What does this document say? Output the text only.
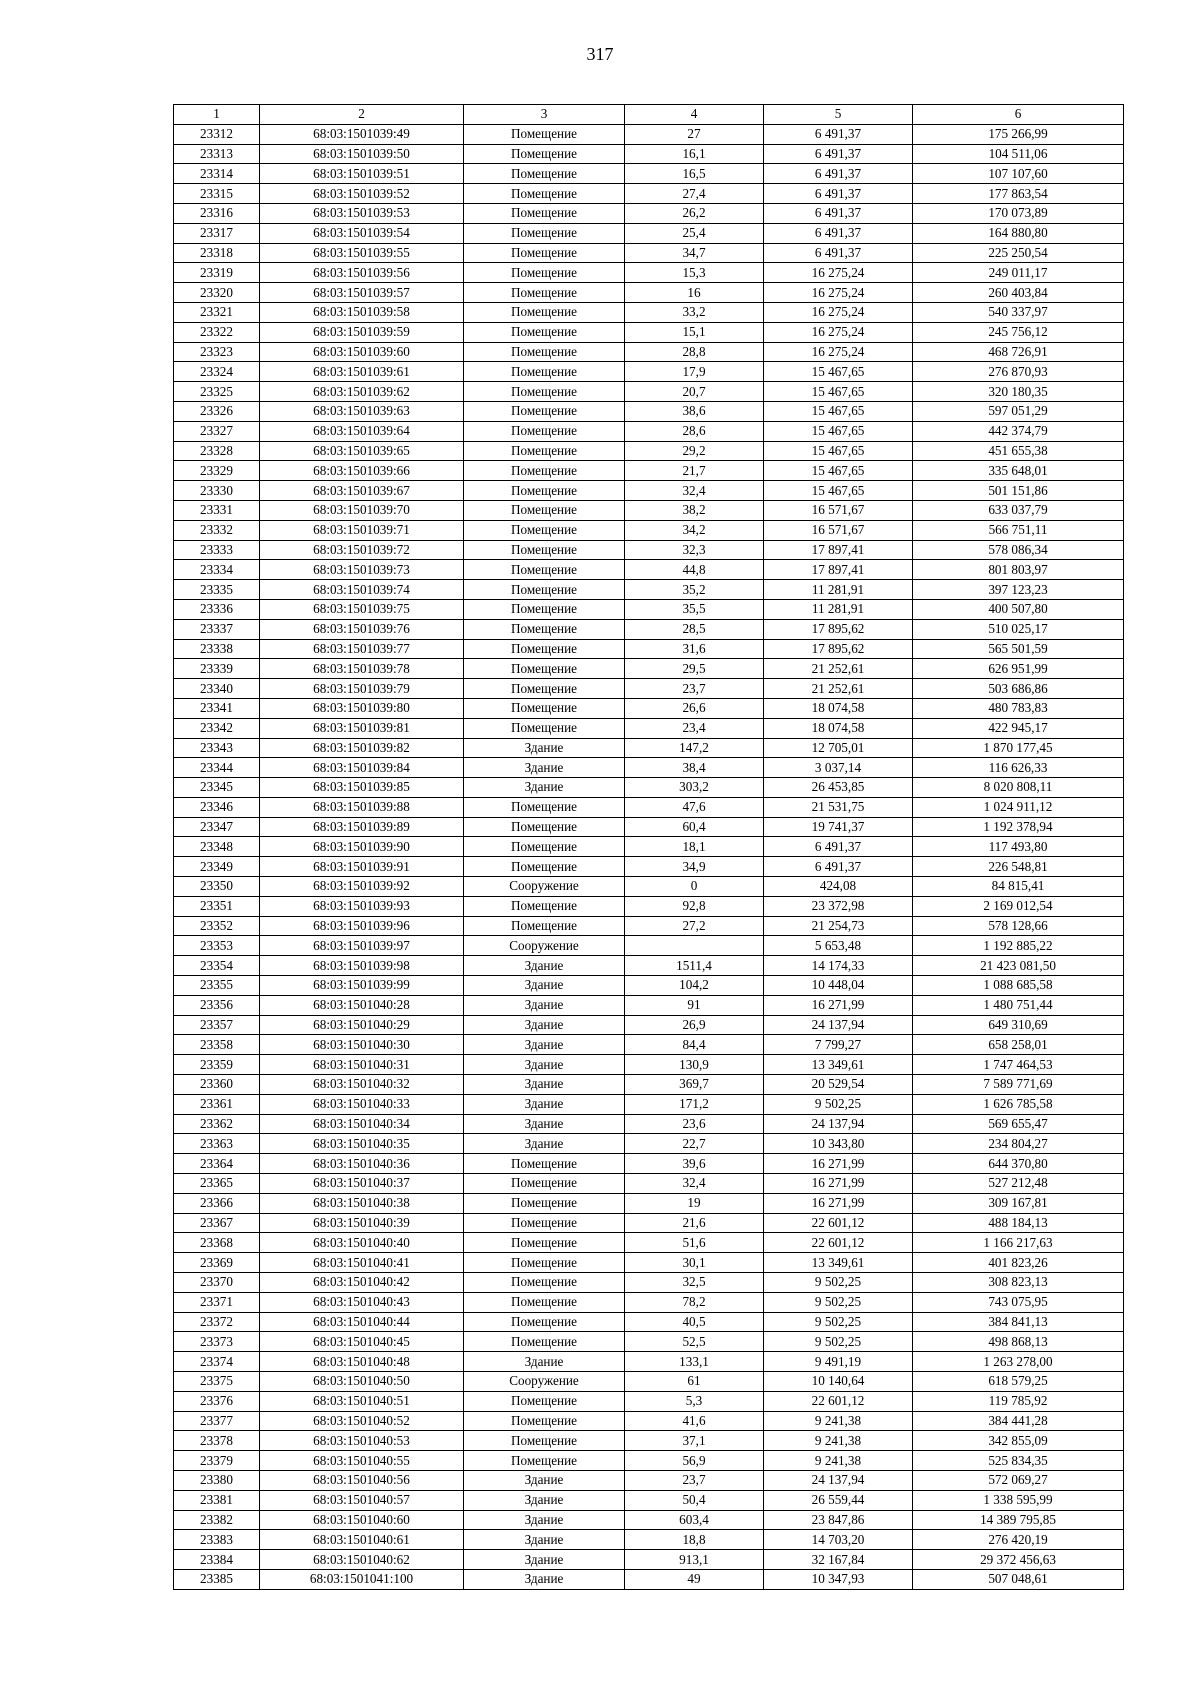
317
1	2	3	4	5	6
23312	68:03:1501039:49	Помещение	27	6 491,37	175 266,99
23313	68:03:1501039:50	Помещение	16,1	6 491,37	104 511,06
23314	68:03:1501039:51	Помещение	16,5	6 491,37	107 107,60
23315	68:03:1501039:52	Помещение	27,4	6 491,37	177 863,54
23316	68:03:1501039:53	Помещение	26,2	6 491,37	170 073,89
23317	68:03:1501039:54	Помещение	25,4	6 491,37	164 880,80
23318	68:03:1501039:55	Помещение	34,7	6 491,37	225 250,54
23319	68:03:1501039:56	Помещение	15,3	16 275,24	249 011,17
23320	68:03:1501039:57	Помещение	16	16 275,24	260 403,84
23321	68:03:1501039:58	Помещение	33,2	16 275,24	540 337,97
23322	68:03:1501039:59	Помещение	15,1	16 275,24	245 756,12
23323	68:03:1501039:60	Помещение	28,8	16 275,24	468 726,91
23324	68:03:1501039:61	Помещение	17,9	15 467,65	276 870,93
23325	68:03:1501039:62	Помещение	20,7	15 467,65	320 180,35
23326	68:03:1501039:63	Помещение	38,6	15 467,65	597 051,29
23327	68:03:1501039:64	Помещение	28,6	15 467,65	442 374,79
23328	68:03:1501039:65	Помещение	29,2	15 467,65	451 655,38
23329	68:03:1501039:66	Помещение	21,7	15 467,65	335 648,01
23330	68:03:1501039:67	Помещение	32,4	15 467,65	501 151,86
23331	68:03:1501039:70	Помещение	38,2	16 571,67	633 037,79
23332	68:03:1501039:71	Помещение	34,2	16 571,67	566 751,11
23333	68:03:1501039:72	Помещение	32,3	17 897,41	578 086,34
23334	68:03:1501039:73	Помещение	44,8	17 897,41	801 803,97
23335	68:03:1501039:74	Помещение	35,2	11 281,91	397 123,23
23336	68:03:1501039:75	Помещение	35,5	11 281,91	400 507,80
23337	68:03:1501039:76	Помещение	28,5	17 895,62	510 025,17
23338	68:03:1501039:77	Помещение	31,6	17 895,62	565 501,59
23339	68:03:1501039:78	Помещение	29,5	21 252,61	626 951,99
23340	68:03:1501039:79	Помещение	23,7	21 252,61	503 686,86
23341	68:03:1501039:80	Помещение	26,6	18 074,58	480 783,83
23342	68:03:1501039:81	Помещение	23,4	18 074,58	422 945,17
23343	68:03:1501039:82	Здание	147,2	12 705,01	1 870 177,45
23344	68:03:1501039:84	Здание	38,4	3 037,14	116 626,33
23345	68:03:1501039:85	Здание	303,2	26 453,85	8 020 808,11
23346	68:03:1501039:88	Помещение	47,6	21 531,75	1 024 911,12
23347	68:03:1501039:89	Помещение	60,4	19 741,37	1 192 378,94
23348	68:03:1501039:90	Помещение	18,1	6 491,37	117 493,80
23349	68:03:1501039:91	Помещение	34,9	6 491,37	226 548,81
23350	68:03:1501039:92	Сооружение	0	424,08	84 815,41
23351	68:03:1501039:93	Помещение	92,8	23 372,98	2 169 012,54
23352	68:03:1501039:96	Помещение	27,2	21 254,73	578 128,66
23353	68:03:1501039:97	Сооружение		5 653,48	1 192 885,22
23354	68:03:1501039:98	Здание	1511,4	14 174,33	21 423 081,50
23355	68:03:1501039:99	Здание	104,2	10 448,04	1 088 685,58
23356	68:03:1501040:28	Здание	91	16 271,99	1 480 751,44
23357	68:03:1501040:29	Здание	26,9	24 137,94	649 310,69
23358	68:03:1501040:30	Здание	84,4	7 799,27	658 258,01
23359	68:03:1501040:31	Здание	130,9	13 349,61	1 747 464,53
23360	68:03:1501040:32	Здание	369,7	20 529,54	7 589 771,69
23361	68:03:1501040:33	Здание	171,2	9 502,25	1 626 785,58
23362	68:03:1501040:34	Здание	23,6	24 137,94	569 655,47
23363	68:03:1501040:35	Здание	22,7	10 343,80	234 804,27
23364	68:03:1501040:36	Помещение	39,6	16 271,99	644 370,80
23365	68:03:1501040:37	Помещение	32,4	16 271,99	527 212,48
23366	68:03:1501040:38	Помещение	19	16 271,99	309 167,81
23367	68:03:1501040:39	Помещение	21,6	22 601,12	488 184,13
23368	68:03:1501040:40	Помещение	51,6	22 601,12	1 166 217,63
23369	68:03:1501040:41	Помещение	30,1	13 349,61	401 823,26
23370	68:03:1501040:42	Помещение	32,5	9 502,25	308 823,13
23371	68:03:1501040:43	Помещение	78,2	9 502,25	743 075,95
23372	68:03:1501040:44	Помещение	40,5	9 502,25	384 841,13
23373	68:03:1501040:45	Помещение	52,5	9 502,25	498 868,13
23374	68:03:1501040:48	Здание	133,1	9 491,19	1 263 278,00
23375	68:03:1501040:50	Сооружение	61	10 140,64	618 579,25
23376	68:03:1501040:51	Помещение	5,3	22 601,12	119 785,92
23377	68:03:1501040:52	Помещение	41,6	9 241,38	384 441,28
23378	68:03:1501040:53	Помещение	37,1	9 241,38	342 855,09
23379	68:03:1501040:55	Помещение	56,9	9 241,38	525 834,35
23380	68:03:1501040:56	Здание	23,7	24 137,94	572 069,27
23381	68:03:1501040:57	Здание	50,4	26 559,44	1 338 595,99
23382	68:03:1501040:60	Здание	603,4	23 847,86	14 389 795,85
23383	68:03:1501040:61	Здание	18,8	14 703,20	276 420,19
23384	68:03:1501040:62	Здание	913,1	32 167,84	29 372 456,63
23385	68:03:1501041:100	Здание	49	10 347,93	507 048,61
